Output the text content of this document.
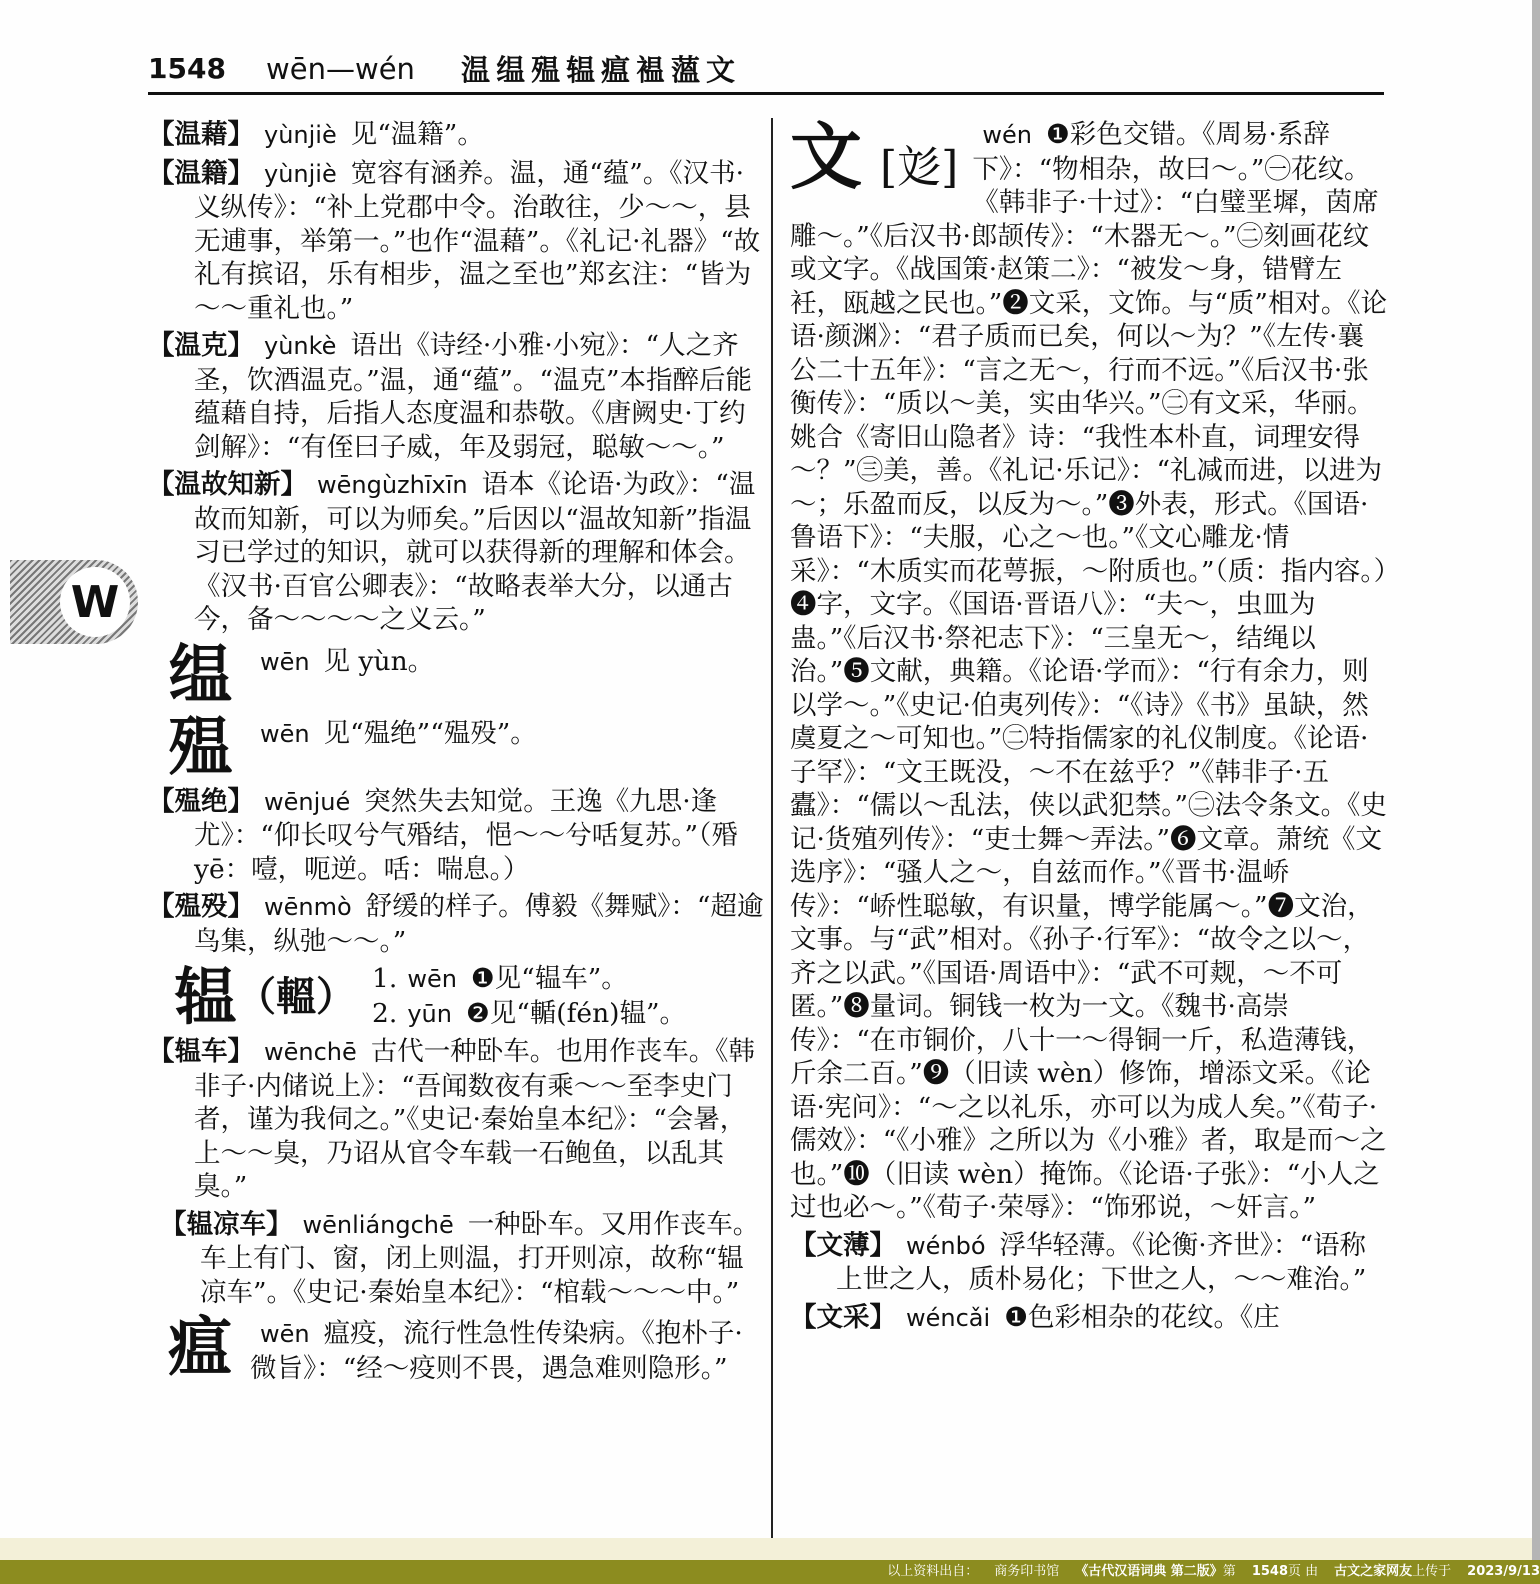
1548 wēn—wén 温缊殟辒瘟褞薀文
W
【温藉】 yùnjiè 见“温籍”。
【温籍】 yùnjiè 宽容有涵养。温，通“蕴”。《汉书·义纵传》：“补上党郡中令。治敢往，少～～，县无逋事，举第一。”也作“温藉”。《礼记·礼器》“故礼有摈诏，乐有相步，温之至也”郑玄注：“皆为～～重礼也。”
【温克】 yùnkè 语出《诗经·小雅·小宛》：“人之齐圣，饮酒温克。”温，通“蕴”。“温克”本指醉后能蕴藉自持，后指人态度温和恭敬。《唐阙史·丁约剑解》：“有侄曰子威，年及弱冠，聪敏～～。”
【温故知新】 wēngùzhīxīn 语本《论语·为政》：“温故而知新，可以为师矣。”后因以“温故知新”指温习已学过的知识，就可以获得新的理解和体会。《汉书·百官公卿表》：“故略表举大分，以通古今，备～～～～之义云。”
缊	wēn 见 yùn。
殟	wēn 见“殟绝”“殟殁”。
【殟绝】 wēnjué 突然失去知觉。王逸《九思·逢尤》：“仰长叹兮气殙结，悒～～兮咶复苏。”（殙 yē：噎，呃逆。咶：喘息。）
【殟殁】 wēnmò 舒缓的样子。傅毅《舞赋》：“超逾鸟集，纵弛～～。”
辒 （轀） 1. wēn ❶见“辒车”。
2. yūn ❷见“輴(fén)辒”。
【辒车】 wēnchē 古代一种卧车。也用作丧车。《韩非子·内储说上》：“吾闻数夜有乘～～至李史门者，谨为我伺之。”《史记·秦始皇本纪》：“会暑，上～～臭，乃诏从官令车载一石鲍鱼，以乱其臭。”
【辒凉车】 wēnliángchē 一种卧车。又用作丧车。车上有门、窗，闭上则温，打开则凉，故称“辒凉车”。《史记·秦始皇本纪》：“棺载～～～中。”
瘟	wēn 瘟疫，流行性急性传染病。《抱朴子·微旨》：“经～疫则不畏，遇急难则隐形。”
文 [彣]
wén ❶彩色交错。《周易·系辞下》：“物相杂，故曰～。”㊀花纹。《韩非子·十过》：“白璧垩墀，茵席雕～。”《后汉书·郎颉传》：“木器无～。”㊁刻画花纹或文字。《战国策·赵策二》：“被发～身，错臂左衽，瓯越之民也。”❷文采，文饰。与“质”相对。《论语·颜渊》：“君子质而已矣，何以～为？”《左传·襄公二十五年》：“言之无～，行而不远。”《后汉书·张衡传》：“质以～美，实由华兴。”㊁有文采，华丽。姚合《寄旧山隐者》诗：“我性本朴直，词理安得～？”㊂美，善。《礼记·乐记》：“礼减而进，以进为～；乐盈而反，以反为～。”❸外表，形式。《国语·鲁语下》：“夫服，心之～也。”《文心雕龙·情采》：“木质实而花萼振，～附质也。”（质：指内容。）❹字，文字。《国语·晋语八》：“夫～，虫皿为蛊。”《后汉书·祭祀志下》：“三皇无～，结绳以治。”❺文献，典籍。《论语·学而》：“行有余力，则以学～。”《史记·伯夷列传》：“《诗》《书》虽缺，然虞夏之～可知也。”㊁特指儒家的礼仪制度。《论语·子罕》：“文王既没，～不在兹乎？”《韩非子·五蠹》：“儒以～乱法，侠以武犯禁。”㊁法令条文。《史记·货殖列传》：“吏士舞～弄法。”❻文章。萧统《文选序》：“骚人之～，自兹而作。”《晋书·温峤传》：“峤性聪敏，有识量，博学能属～。”❼文治，文事。与“武”相对。《孙子·行军》：“故令之以～，齐之以武。”《国语·周语中》：“武不可觌，～不可匿。”❽量词。铜钱一枚为一文。《魏书·高崇传》：“在市铜价，八十一～得铜一斤，私造薄钱，斤余二百。”❾（旧读 wèn）修饰，增添文采。《论语·宪问》：“～之以礼乐，亦可以为成人矣。”《荀子·儒效》：“《小雅》之所以为《小雅》者，取是而～之也。”❿（旧读 wèn）掩饰。《论语·子张》：“小人之过也必～。”《荀子·荣辱》：“饰邪说，～奸言。”
【文薄】 wénbó 浮华轻薄。《论衡·齐世》：“语称上世之人，质朴易化；下世之人，～～难治。”
【文采】 wéncǎi ❶色彩相杂的花纹。《庄
以上资料出自： 商务印书馆 《古代汉语词典 第二版》第 1548页 由 古文之家网友上传于 2023/9/13
